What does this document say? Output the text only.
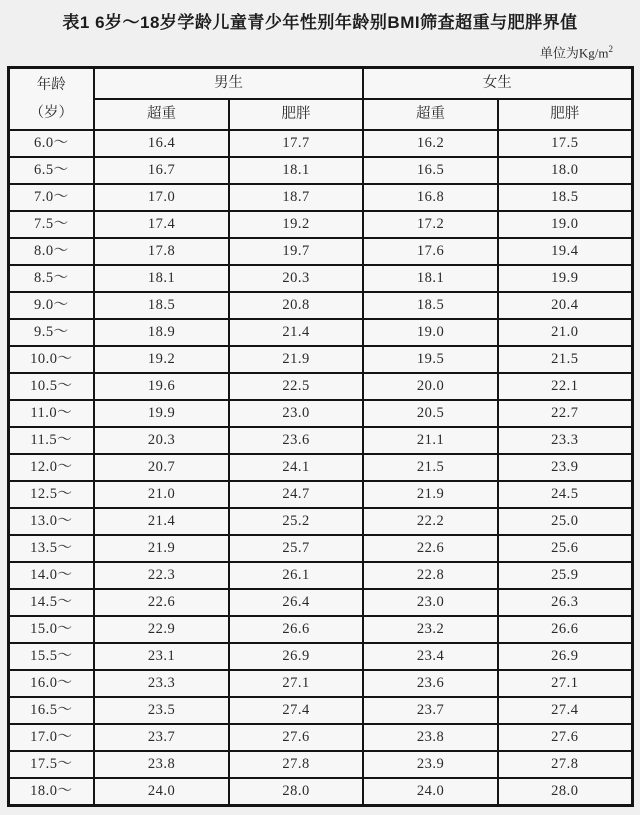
表1 6岁～18岁学龄儿童青少年性别年龄别BMI筛查超重与肥胖界值
单位为$Kg/m^2$
年龄
（岁）	男生		女生	
	超重	肥胖	超重	肥胖
6.0～	16.4	17.7	16.2	17.5
6.5～	16.7	18.1	16.5	18.0
7.0～	17.0	18.7	16.8	18.5
7.5～	17.4	19.2	17.2	19.0
8.0～	17.8	19.7	17.6	19.4
8.5～	18.1	20.3	18.1	19.9
9.0～	18.5	20.8	18.5	20.4
9.5～	18.9	21.4	19.0	21.0
10.0～	19.2	21.9	19.5	21.5
10.5～	19.6	22.5	20.0	22.1
11.0～	19.9	23.0	20.5	22.7
11.5～	20.3	23.6	21.1	23.3
12.0～	20.7	24.1	21.5	23.9
12.5～	21.0	24.7	21.9	24.5
13.0～	21.4	25.2	22.2	25.0
13.5～	21.9	25.7	22.6	25.6
14.0～	22.3	26.1	22.8	25.9
14.5～	22.6	26.4	23.0	26.3
15.0～	22.9	26.6	23.2	26.6
15.5～	23.1	26.9	23.4	26.9
16.0～	23.3	27.1	23.6	27.1
16.5～	23.5	27.4	23.7	27.4
17.0～	23.7	27.6	23.8	27.6
17.5～	23.8	27.8	23.9	27.8
18.0～	24.0	28.0	24.0	28.0
